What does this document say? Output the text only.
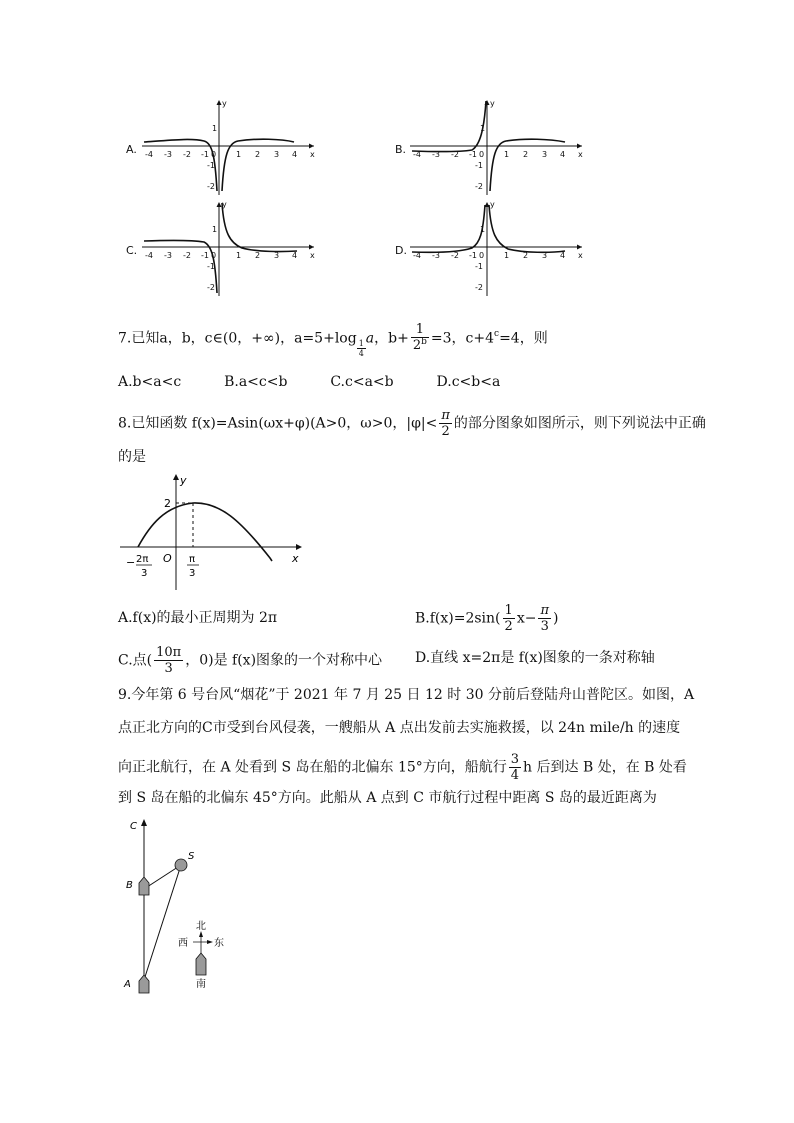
y
x
-4 -3 -2 -1 0 1 2 3 4
1
-1
-2
A.
y
x
-4 -3 -2 -1 0 1 2 3 4
1
-1
-2
B.
y
x
-4 -3 -2 -1 0 1 2 3 4
1
-1
-2
C.
y
x
-4 -3 -2 -1 0 1 2 3 4
1
-1
-2
D.
7.已知a，b，c∈(0，+∞)，a=5+log
$\frac{1}{4}$
a，$b+ \frac{1}{2^b} =3$，$c+4^c=4$，则
A.b<a<c	B.a<c<b	C.c<a<b	D.c<b<a
8.已知函数 f(x)=Asin(ωx+φ)(A>0，ω>0，$|\varphi|< \frac{\pi}{2}$ 的部分图象如图所示，则下列说法中正确
的是
y
x
O
2
− 2π
3
π
3
A.f(x)的最小正周期为 2π	$B.f(x)=2\sin( \frac{1}{2} x- \frac{\pi}{3}$ )
C.点( $\frac{10\pi}{3}$ ，0)是 f(x)图象的一个对称中心 D.直线 x=2π是 f(x)图象的一条对称轴
9.今年第 6 号台风“烟花”于 2021 年 7 月 25 日 12 时 30 分前后登陆舟山普陀区。如图，A
点正北方向的C市受到台风侵袭，一艘船从 A 点出发前去实施救援，以 24n mile/h 的速度
向正北航行，在 A 处看到 S 岛在船的北偏东 15°方向，船航行 $\frac{3}{4}$ h 后到达 B 处，在 B 处看
到 S 岛在船的北偏东 45°方向。此船从 A 点到 C 市航行过程中距离 S 岛的最近距离为
C
S
B
A
北
西	东
南
